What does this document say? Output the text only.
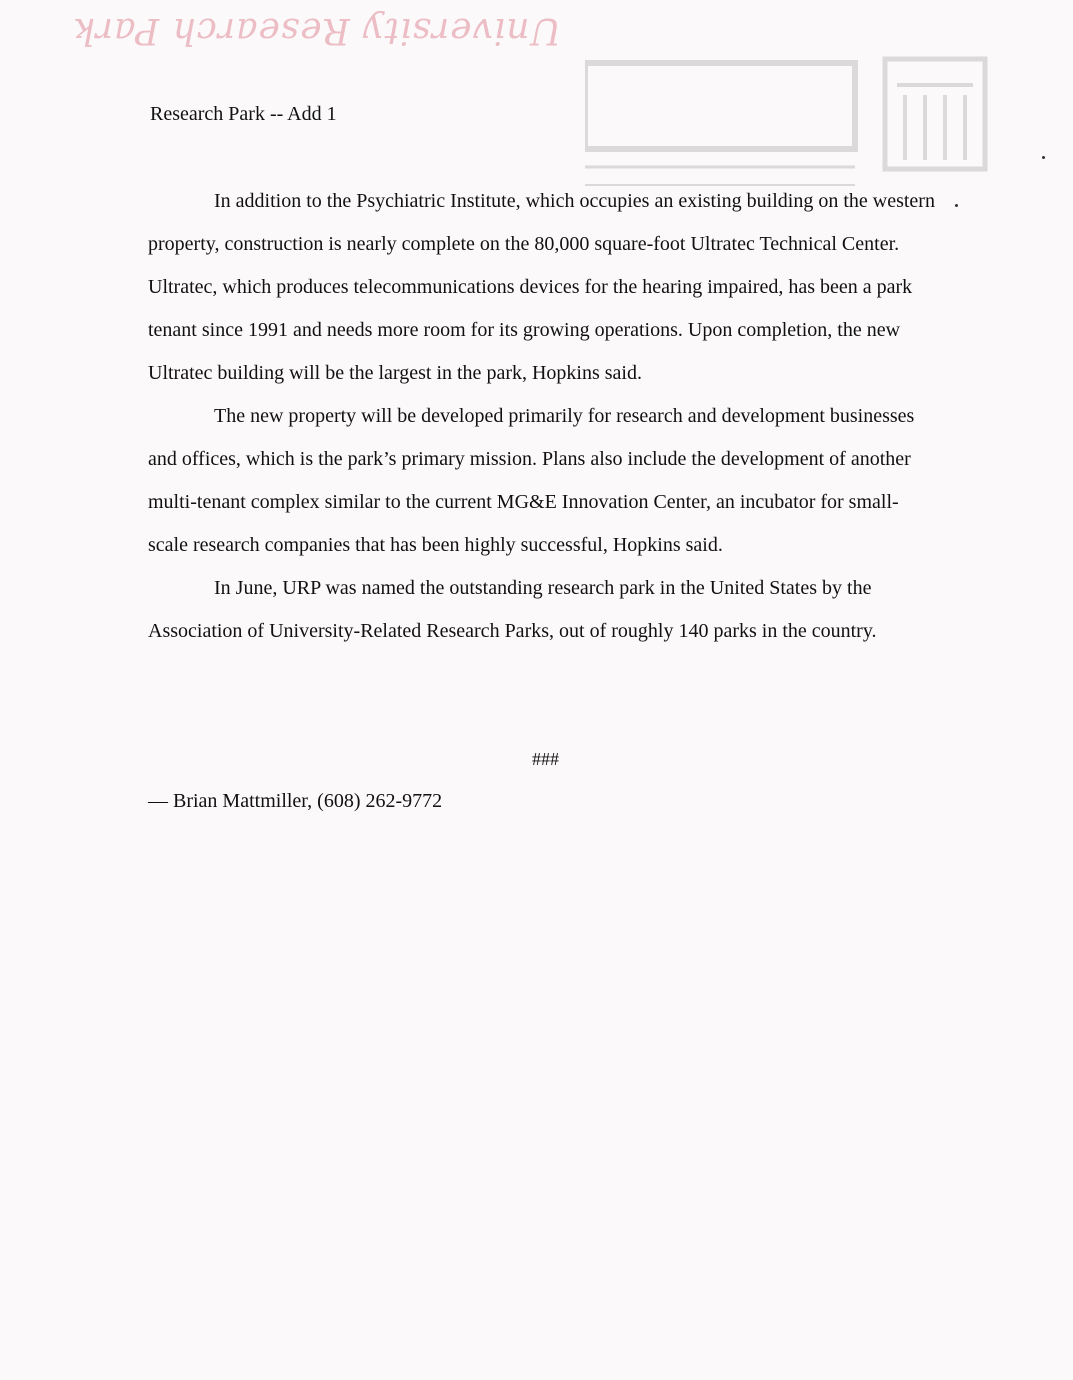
University Research Park

Research Park -- Add 1

In addition to the Psychiatric Institute, which occupies an existing building on the western property, construction is nearly complete on the 80,000 square-foot Ultratec Technical Center. Ultratec, which produces telecommunications devices for the hearing impaired, has been a park tenant since 1991 and needs more room for its growing operations. Upon completion, the new Ultratec building will be the largest in the park, Hopkins said.

The new property will be developed primarily for research and development businesses and offices, which is the park’s primary mission. Plans also include the development of another multi-tenant complex similar to the current MG&E Innovation Center, an incubator for small-scale research companies that has been highly successful, Hopkins said.

In June, URP was named the outstanding research park in the United States by the Association of University-Related Research Parks, out of roughly 140 parks in the country.

###

— Brian Mattmiller, (608) 262-9772
